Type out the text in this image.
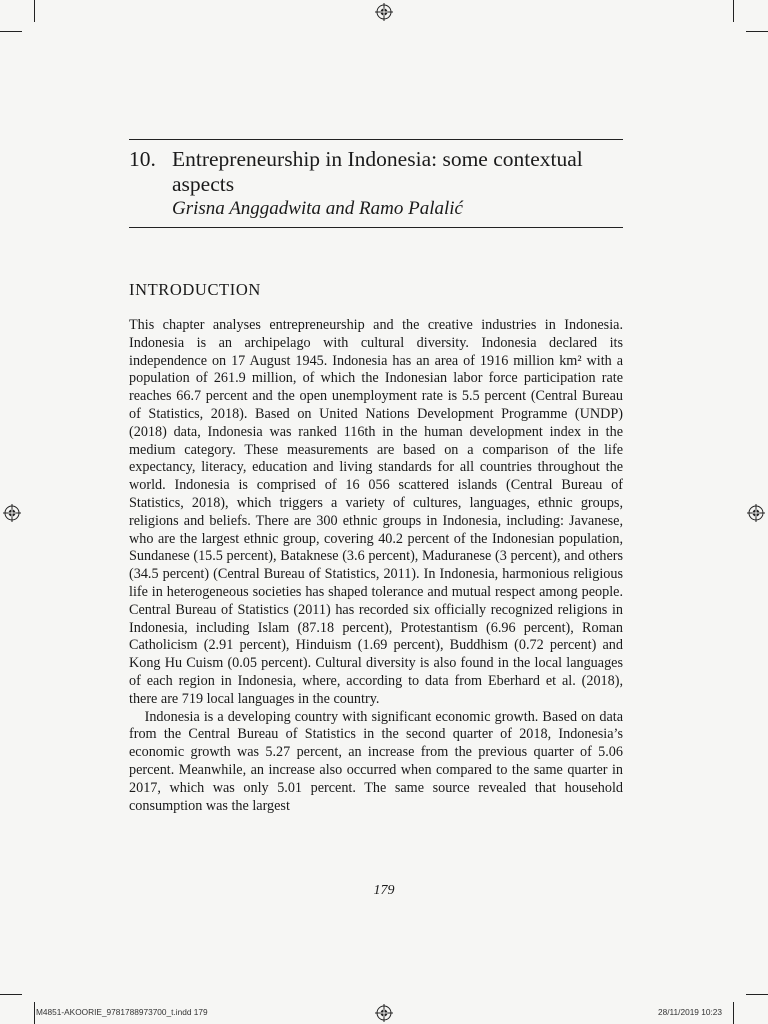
10. Entrepreneurship in Indonesia: some contextual aspects
Grisna Anggadwita and Ramo Palalić
INTRODUCTION

This chapter analyses entrepreneurship and the creative industries in Indonesia. Indonesia is an archipelago with cultural diversity. Indonesia declared its independence on 17 August 1945. Indonesia has an area of 1916 million km² with a population of 261.9 million, of which the Indonesian labor force participation rate reaches 66.7 percent and the open unemployment rate is 5.5 percent (Central Bureau of Statistics, 2018). Based on United Nations Development Programme (UNDP) (2018) data, Indonesia was ranked 116th in the human development index in the medium category. These measurements are based on a comparison of the life expectancy, literacy, education and living standards for all countries throughout the world. Indonesia is comprised of 16 056 scattered islands (Central Bureau of Statistics, 2018), which triggers a variety of cultures, languages, ethnic groups, religions and beliefs. There are 300 ethnic groups in Indonesia, including: Javanese, who are the largest ethnic group, covering 40.2 percent of the Indonesian population, Sundanese (15.5 percent), Bataknese (3.6 percent), Maduranese (3 percent), and others (34.5 percent) (Central Bureau of Statistics, 2011). In Indonesia, harmonious religious life in heterogeneous societies has shaped tolerance and mutual respect among people. Central Bureau of Statistics (2011) has recorded six officially recognized religions in Indonesia, including Islam (87.18 percent), Protestantism (6.96 percent), Roman Catholicism (2.91 percent), Hinduism (1.69 percent), Buddhism (0.72 percent) and Kong Hu Cuism (0.05 percent). Cultural diversity is also found in the local languages of each region in Indonesia, where, according to data from Eberhard et al. (2018), there are 719 local languages in the country.

Indonesia is a developing country with significant economic growth. Based on data from the Central Bureau of Statistics in the second quarter of 2018, Indonesia’s economic growth was 5.27 percent, an increase from the previous quarter of 5.06 percent. Meanwhile, an increase also occurred when compared to the same quarter in 2017, which was only 5.01 percent. The same source revealed that household consumption was the largest

179
M4851-AKOORIE_9781788973700_t.indd 179	28/11/2019 10:23
